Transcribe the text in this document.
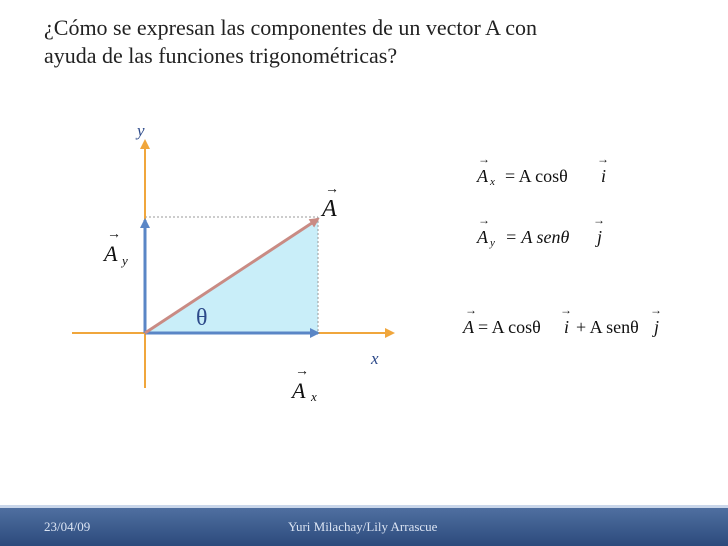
¿Cómo se expresan las componentes de un vector A con
ayuda de las funciones trigonométricas?
y
x
θ
→
A
→
A y
→
A x
→
A x = A cosθ
→
i
→
A y = A senθ
→
j
→
A = A cosθ
→
i + A senθ
→
j
23/04/09	Yuri Milachay/Lily Arrascue
